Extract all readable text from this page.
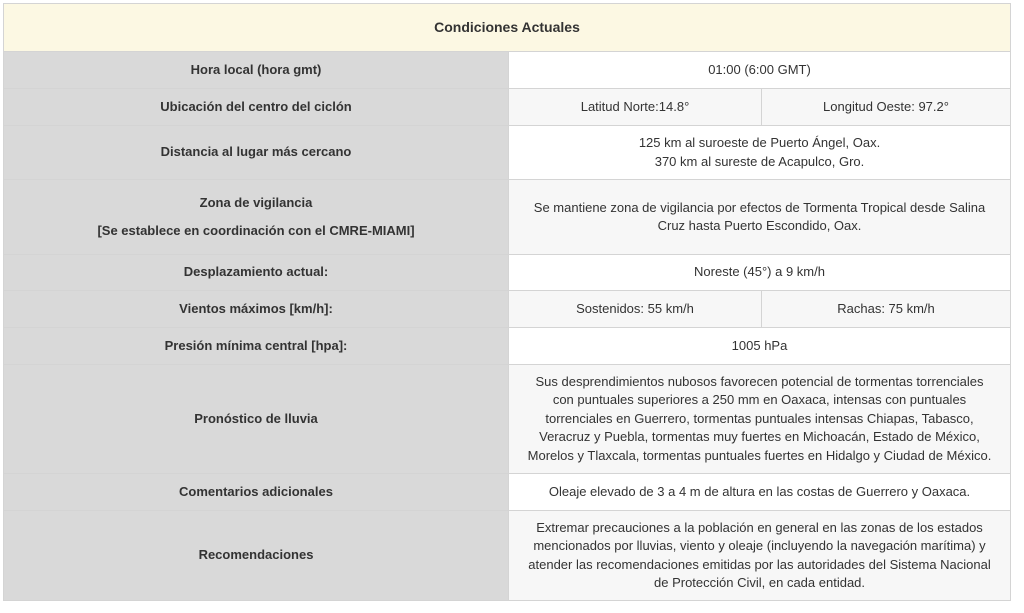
Condiciones Actuales		
Hora local (hora gmt)	01:00 (6:00 GMT)	
Ubicación del centro del ciclón	Latitud Norte:14.8°	Longitud Oeste: 97.2°
Distancia al lugar más cercano	125 km al suroeste de Puerto Ángel, Oax.
370 km al sureste de Acapulco, Gro.	

Zona de vigilancia
[Se establece en coordinación con el CMRE-MIAMI]	Se mantiene zona de vigilancia por efectos de Tormenta Tropical desde Salina
Cruz hasta Puerto Escondido, Oax.	

Desplazamiento actual:	Noreste (45°) a 9 km/h	
Vientos máximos [km/h]:	Sostenidos: 55 km/h	Rachas: 75 km/h
Presión mínima central [hpa]:	1005 hPa	
Pronóstico de lluvia	Sus desprendimientos nubosos favorecen potencial de tormentas torrenciales
con puntuales superiores a 250 mm en Oaxaca, intensas con puntuales
torrenciales en Guerrero, tormentas puntuales intensas Chiapas, Tabasco,
Veracruz y Puebla, tormentas muy fuertes en Michoacán, Estado de México,
Morelos y Tlaxcala, tormentas puntuales fuertes en Hidalgo y Ciudad de México.	

Comentarios adicionales	Oleaje elevado de 3 a 4 m de altura en las costas de Guerrero y Oaxaca.	
Recomendaciones	Extremar precauciones a la población en general en las zonas de los estados
mencionados por lluvias, viento y oleaje (incluyendo la navegación marítima) y
atender las recomendaciones emitidas por las autoridades del Sistema Nacional
de Protección Civil, en cada entidad.	
